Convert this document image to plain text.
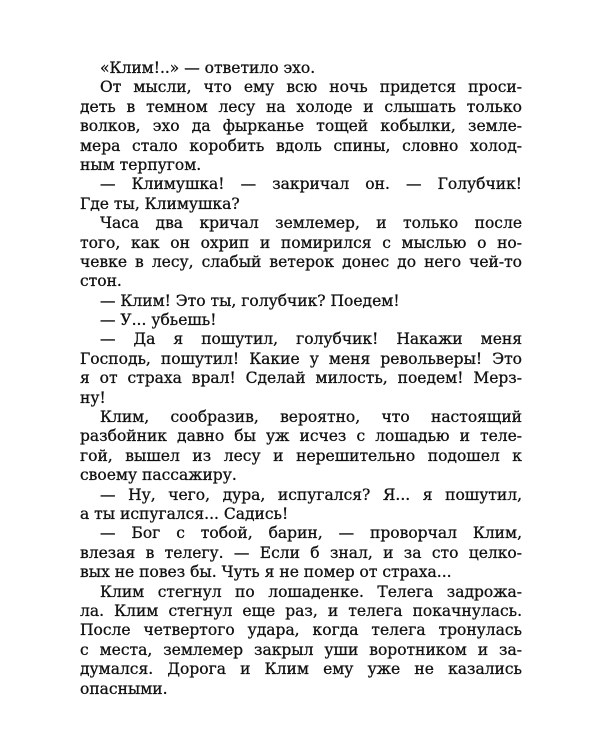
«Клим!..» — ответило эхо.
От мысли, что ему всю ночь придется проси-
деть в темном лесу на холоде и слышать только
волков, эхо да фырканье тощей кобылки, земле-
мера стало коробить вдоль спины, словно холод-
ным терпугом.
— Климушка! — закричал он. — Голубчик!
Где ты, Климушка?
Часа два кричал землемер, и только после
того, как он охрип и помирился с мыслью о но-
чевке в лесу, слабый ветерок донес до него чей-то
стон.
— Клим! Это ты, голубчик? Поедем!
— У... убьешь!
— Да я пошутил, голубчик! Накажи меня
Господь, пошутил! Какие у меня револьверы! Это
я от страха врал! Сделай милость, поедем! Мерз-
ну!
Клим, сообразив, вероятно, что настоящий
разбойник давно бы уж исчез с лошадью и теле-
гой, вышел из лесу и нерешительно подошел к
своему пассажиру.
— Ну, чего, дура, испугался? Я... я пошутил,
а ты испугался... Садись!
— Бог с тобой, барин, — проворчал Клим,
влезая в телегу. — Если б знал, и за сто целко-
вых не повез бы. Чуть я не помер от страха...
Клим стегнул по лошаденке. Телега задрожа-
ла. Клим стегнул еще раз, и телега покачнулась.
После четвертого удара, когда телега тронулась
с места, землемер закрыл уши воротником и за-
думался. Дорога и Клим ему уже не казались
опасными.
